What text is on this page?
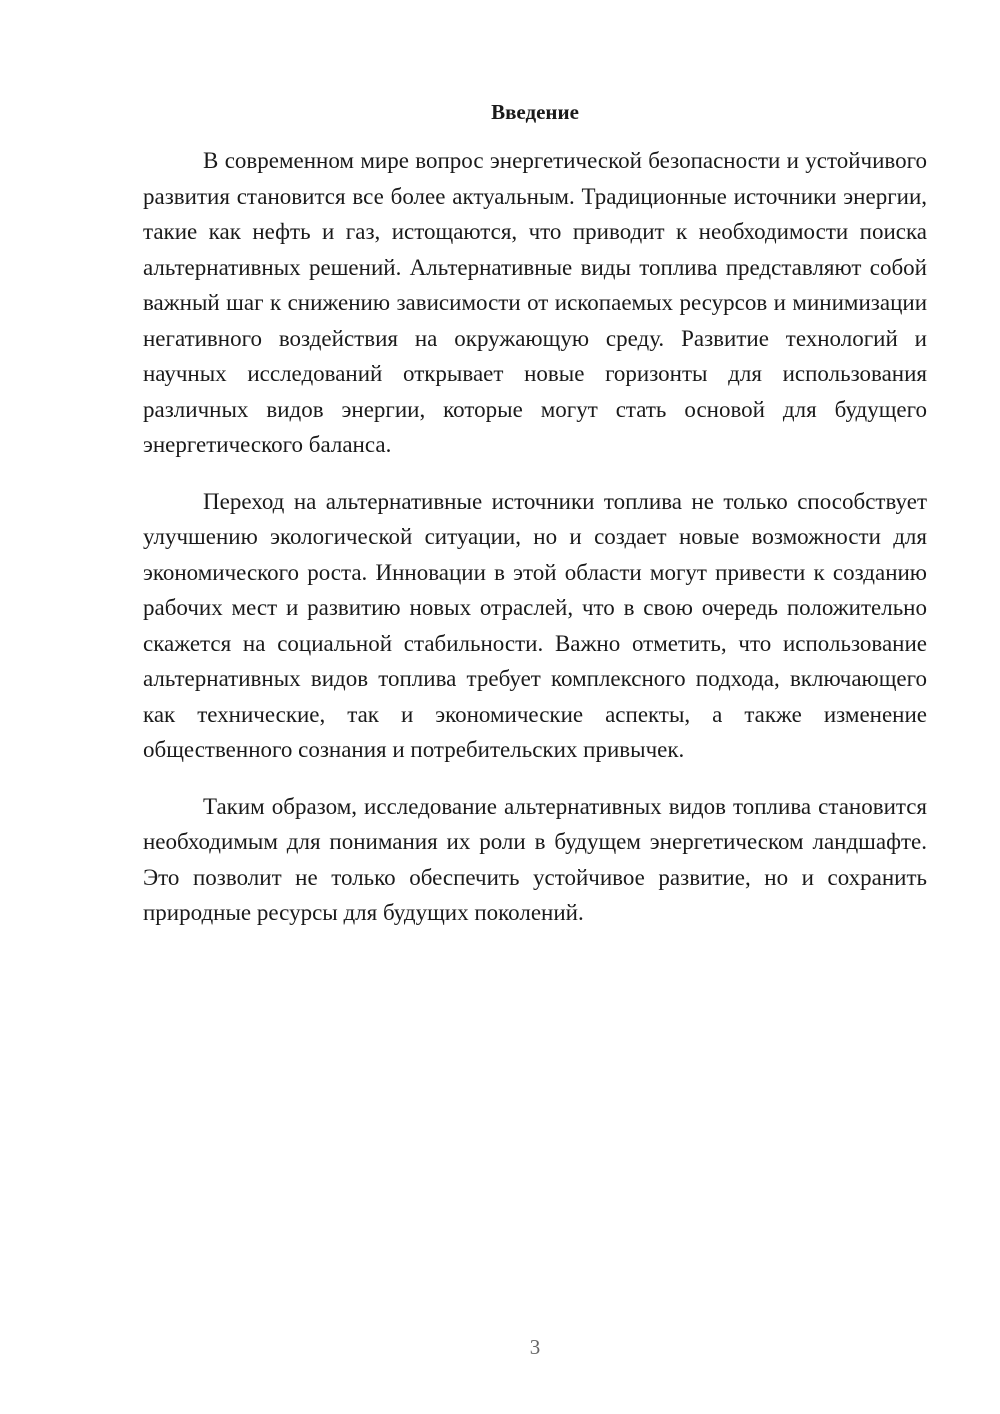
Введение

В современном мире вопрос энергетической безопасности и устойчивого развития становится все более актуальным. Традиционные источники энергии, такие как нефть и газ, истощаются, что приводит к необходимости поиска альтернативных решений. Альтернативные виды топлива представляют собой важный шаг к снижению зависимости от ископаемых ресурсов и минимизации негативного воздействия на окружающую среду. Развитие технологий и научных исследований открывает новые горизонты для использования различных видов энергии, которые могут стать основой для будущего энергетического баланса.

Переход на альтернативные источники топлива не только способствует улучшению экологической ситуации, но и создает новые возможности для экономического роста. Инновации в этой области могут привести к созданию рабочих мест и развитию новых отраслей, что в свою очередь положительно скажется на социальной стабильности. Важно отметить, что использование альтернативных видов топлива требует комплексного подхода, включающего как технические, так и экономические аспекты, а также изменение общественного сознания и потребительских привычек.

Таким образом, исследование альтернативных видов топлива становится необходимым для понимания их роли в будущем энергетическом ландшафте. Это позволит не только обеспечить устойчивое развитие, но и сохранить природные ресурсы для будущих поколений.

3
